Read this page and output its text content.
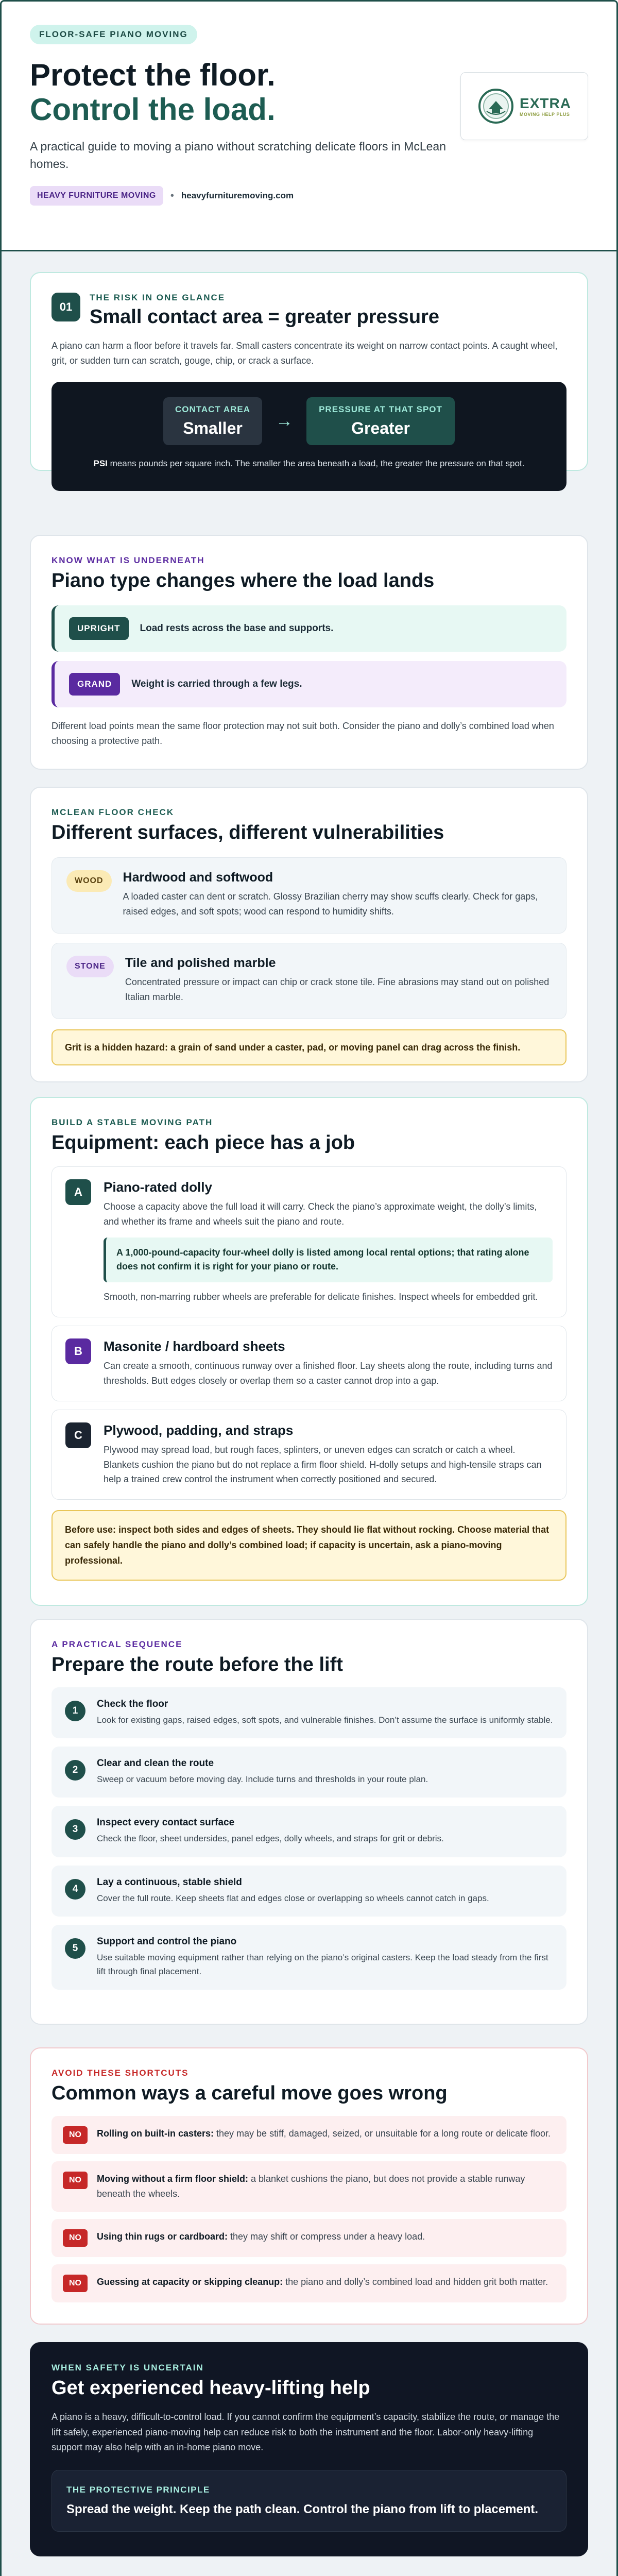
FLOOR-SAFE PIANO MOVING
Protect the floor.
Control the load.
A practical guide to moving a piano without scratching delicate floors in McLean homes.
HEAVY FURNITURE MOVING	• heavyfurnituremoving.com
EXTRA
MOVING HELP PLUS
01
THE RISK IN ONE GLANCE
Small contact area = greater pressure
A piano can harm a floor before it travels far. Small casters concentrate its weight on narrow contact points. A caught wheel, grit, or sudden turn can scratch, gouge, chip, or crack a surface.
CONTACT AREA
Smaller	→
PRESSURE AT THAT SPOT
Greater
PSI means pounds per square inch. The smaller the area beneath a load, the greater the pressure on that spot.
KNOW WHAT IS UNDERNEATH
Piano type changes where the load lands
UPRIGHT	Load rests across the base and supports.
GRAND	Weight is carried through a few legs.
Different load points mean the same floor protection may not suit both. Consider the piano and dolly’s combined load when choosing a protective path.
MCLEAN FLOOR CHECK
Different surfaces, different vulnerabilities
WOOD	Hardwood and softwood
A loaded caster can dent or scratch. Glossy Brazilian cherry may show scuffs clearly. Check for gaps, raised edges, and soft spots; wood can respond to humidity shifts.
STONE	Tile and polished marble
Concentrated pressure or impact can chip or crack stone tile. Fine abrasions may stand out on polished Italian marble.
Grit is a hidden hazard: a grain of sand under a caster, pad, or moving panel can drag across the finish.
BUILD A STABLE MOVING PATH
Equipment: each piece has a job
A	Piano-rated dolly
Choose a capacity above the full load it will carry. Check the piano’s approximate weight, the dolly’s limits, and whether its frame and wheels suit the piano and route.
A 1,000-pound-capacity four-wheel dolly is listed among local rental options; that rating alone does not confirm it is right for your piano or route.
Smooth, non-marring rubber wheels are preferable for delicate finishes. Inspect wheels for embedded grit.
B	Masonite / hardboard sheets
Can create a smooth, continuous runway over a finished floor. Lay sheets along the route, including turns and thresholds. Butt edges closely or overlap them so a caster cannot drop into a gap.
C	Plywood, padding, and straps
Plywood may spread load, but rough faces, splinters, or uneven edges can scratch or catch a wheel. Blankets cushion the piano but do not replace a firm floor shield. H-dolly setups and high-tensile straps can help a trained crew control the instrument when correctly positioned and secured.
Before use: inspect both sides and edges of sheets. They should lie flat without rocking. Choose material that can safely handle the piano and dolly’s combined load; if capacity is uncertain, ask a piano-moving professional.
A PRACTICAL SEQUENCE
Prepare the route before the lift
1
Check the floor
Look for existing gaps, raised edges, soft spots, and vulnerable finishes. Don’t assume the surface is uniformly stable.
2
Clear and clean the route
Sweep or vacuum before moving day. Include turns and thresholds in your route plan.
3
Inspect every contact surface
Check the floor, sheet undersides, panel edges, dolly wheels, and straps for grit or debris.
4
Lay a continuous, stable shield
Cover the full route. Keep sheets flat and edges close or overlapping so wheels cannot catch in gaps.
5
Support and control the piano
Use suitable moving equipment rather than relying on the piano’s original casters. Keep the load steady from the first lift through final placement.
AVOID THESE SHORTCUTS
Common ways a careful move goes wrong
NO	Rolling on built-in casters: they may be stiff, damaged, seized, or unsuitable for a long route or delicate floor.
NO	Moving without a firm floor shield: a blanket cushions the piano, but does not provide a stable runway beneath the wheels.
NO	Using thin rugs or cardboard: they may shift or compress under a heavy load.
NO	Guessing at capacity or skipping cleanup: the piano and dolly’s combined load and hidden grit both matter.
WHEN SAFETY IS UNCERTAIN
Get experienced heavy-lifting help
A piano is a heavy, difficult-to-control load. If you cannot confirm the equipment’s capacity, stabilize the route, or manage the lift safely, experienced piano-moving help can reduce risk to both the instrument and the floor. Labor-only heavy-lifting support may also help with an in-home piano move.
THE PROTECTIVE PRINCIPLE
Spread the weight. Keep the path clean. Control the piano from lift to placement.
